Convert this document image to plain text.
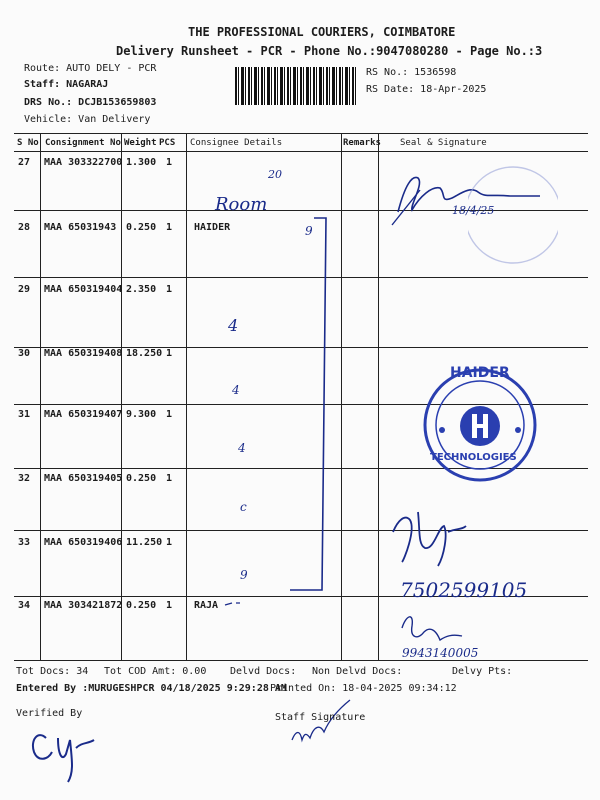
THE PROFESSIONAL COURIERS, COIMBATORE
Delivery Runsheet - PCR - Phone No.:9047080280 - Page No.:3
Route: AUTO DELY - PCR
Staff: NAGARAJ
DRS No.: DCJB153659803
Vehicle: Van Delivery
RS No.: 1536598
RS Date: 18-Apr-2025
S No Consignment No Weight PCS Consignee Details	Remarks Seal & Signature
27 MAA 303322700 1.300 1
28 MAA 65031943 0.250 1 HAIDER
29 MAA 650319404 2.350 1
30 MAA 650319408 18.250 1
31 MAA 650319407 9.300 1
32 MAA 650319405 0.250 1
33 MAA 650319406 11.250 1
34 MAA 303421872 0.250 1 RAJA
20
Room
9
4
4
4
c
9
18/4/25
7502599105
9943140005
HAIDER
TECHNOLOGIES
Tot Docs: 34 Tot COD Amt: 0.00 Delvd Docs: Non Delvd Docs:	Delvy Pts:
Entered By :MURUGESHPCR 04/18/2025 9:29:28 AM
Printed On: 18-04-2025 09:34:12
Verified By	Staff Signature
